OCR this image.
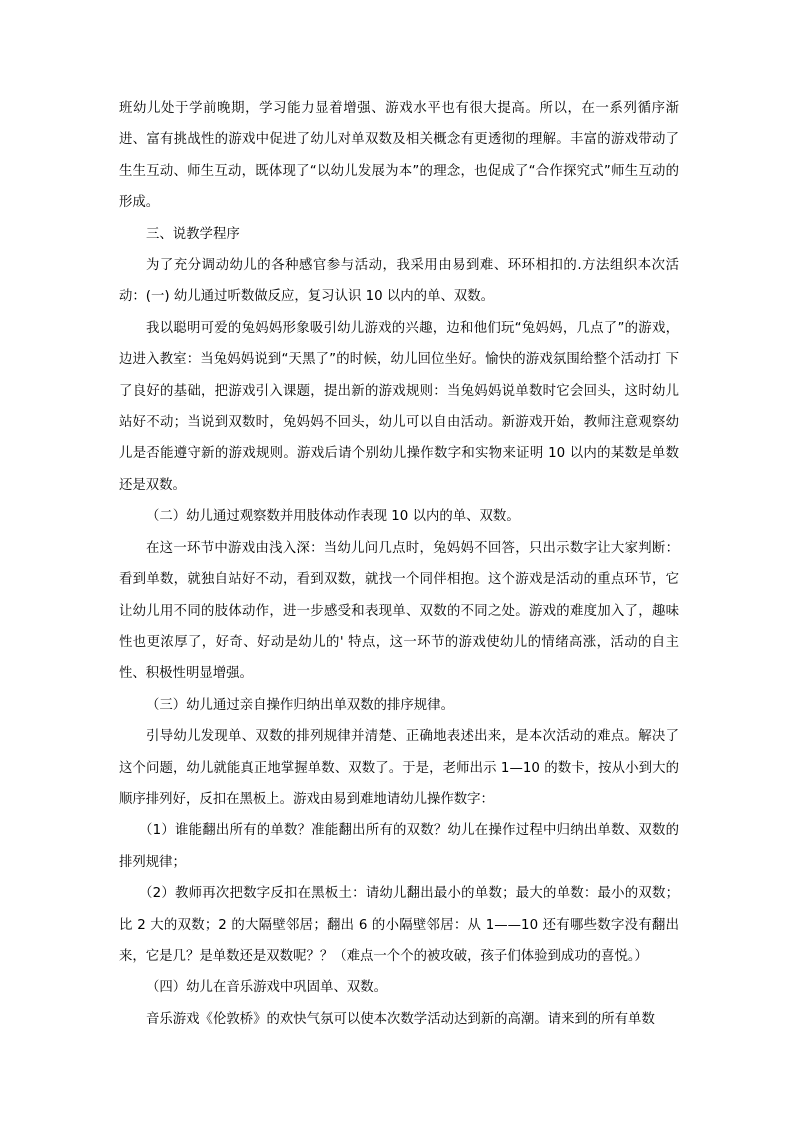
班幼儿处于学前晚期，学习能力显着增强、游戏水平也有很大提高。所以，在一系列循序渐进、富有挑战性的游戏中促进了幼儿对单双数及相关概念有更透彻的理解。丰富的游戏带动了生生互动、师生互动，既体现了“以幼儿发展为本”的理念，也促成了“合作探究式”师生互动的形成。

三、说教学程序

为了充分调动幼儿的各种感官参与活动，我采用由易到难、环环相扣的.方法组织本次活动：(一) 幼儿通过听数做反应，复习认识 10 以内的单、双数。

我以聪明可爱的兔妈妈形象吸引幼儿游戏的兴趣，边和他们玩“兔妈妈，几点了”的游戏，边进入教室：当兔妈妈说到“天黑了”的时候，幼儿回位坐好。愉快的游戏氛围给整个活动打 下了良好的基础，把游戏引入课题，提出新的游戏规则：当兔妈妈说单数时它会回头，这时幼儿站好不动；当说到双数时，兔妈妈不回头，幼儿可以自由活动。新游戏开始，教师注意观察幼儿是否能遵守新的游戏规则。游戏后请个别幼儿操作数字和实物来证明 10 以内的某数是单数还是双数。

（二）幼儿通过观察数并用肢体动作表现 10 以内的单、双数。

在这一环节中游戏由浅入深：当幼儿问几点时，兔妈妈不回答，只出示数字让大家判断：看到单数，就独自站好不动，看到双数，就找一个同伴相抱。这个游戏是活动的重点环节，它让幼儿用不同的肢体动作，进一步感受和表现单、双数的不同之处。游戏的难度加入了，趣味性也更浓厚了，好奇、好动是幼儿的' 特点，这一环节的游戏使幼儿的情绪高涨，活动的自主性、积极性明显增强。

（三）幼儿通过亲自操作归纳出单双数的排序规律。

引导幼儿发现单、双数的排列规律并清楚、正确地表述出来，是本次活动的难点。解决了这个问题，幼儿就能真正地掌握单数、双数了。于是，老师出示 1—10 的数卡，按从小到大的顺序排列好，反扣在黑板上。游戏由易到难地请幼儿操作数字：

（1）谁能翻出所有的单数？准能翻出所有的双数？幼儿在操作过程中归纳出单数、双数的排列规律；

（2）教师再次把数字反扣在黑板土：请幼儿翻出最小的单数；最大的单数：最小的双数；比 2 大的双数；2 的大隔壁邻居；翻出 6 的小隔壁邻居：从 1——10 还有哪些数字没有翻出来，它是几？是单数还是双数呢？？（难点一个个的被攻破，孩子们体验到成功的喜悦。）

（四）幼儿在音乐游戏中巩固单、双数。

音乐游戏《伦敦桥》的欢快气氛可以使本次数学活动达到新的高潮。请来到的所有单数
